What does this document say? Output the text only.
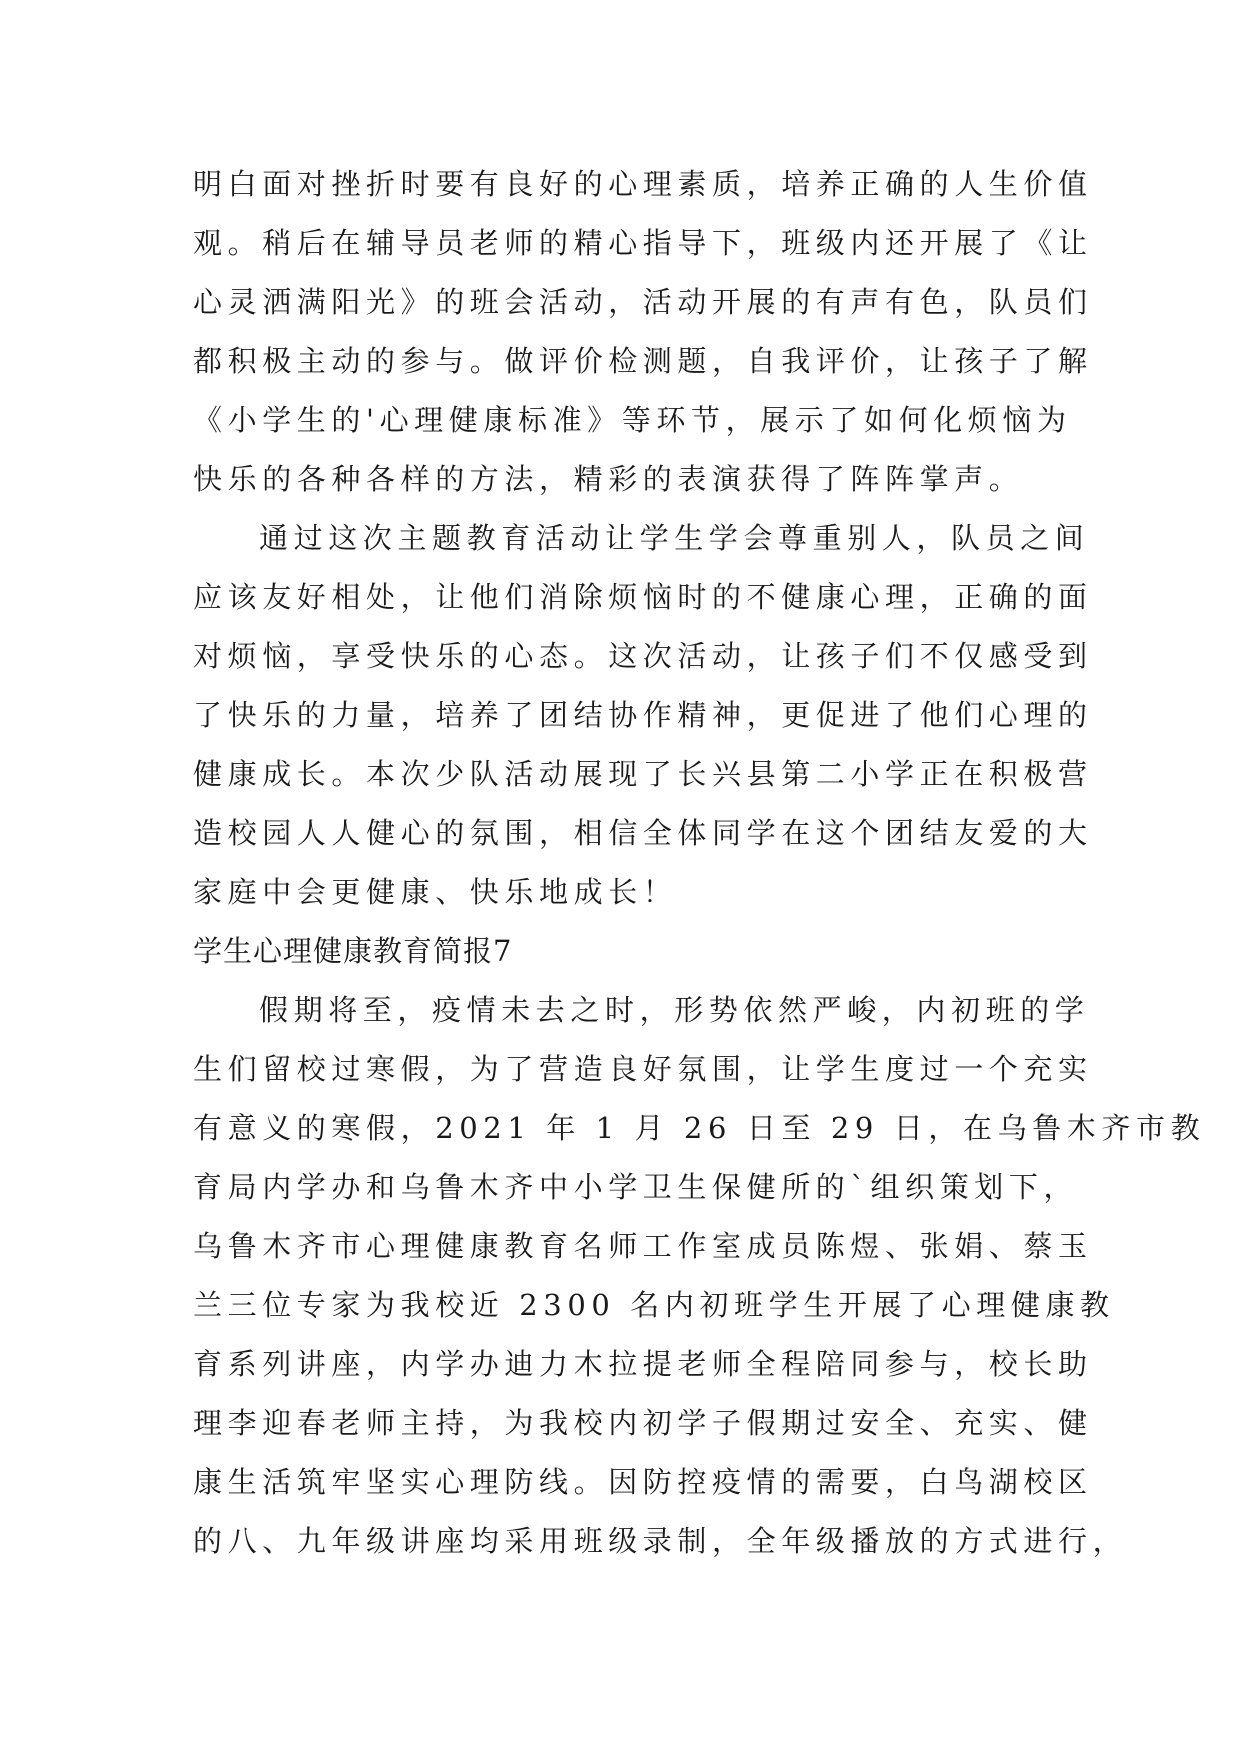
明白面对挫折时要有良好的心理素质，培养正确的人生价值
观。稍后在辅导员老师的精心指导下，班级内还开展了《让
心灵洒满阳光》的班会活动，活动开展的有声有色，队员们
都积极主动的参与。做评价检测题，自我评价，让孩子了解
《小学生的'心理健康标准》等环节，展示了如何化烦恼为
快乐的各种各样的方法，精彩的表演获得了阵阵掌声。
通过这次主题教育活动让学生学会尊重别人，队员之间
应该友好相处，让他们消除烦恼时的不健康心理，正确的面
对烦恼，享受快乐的心态。这次活动，让孩子们不仅感受到
了快乐的力量，培养了团结协作精神，更促进了他们心理的
健康成长。本次少队活动展现了长兴县第二小学正在积极营
造校园人人健心的氛围，相信全体同学在这个团结友爱的大
家庭中会更健康、快乐地成长！
学生心理健康教育简报7
假期将至，疫情未去之时，形势依然严峻，内初班的学
生们留校过寒假，为了营造良好氛围，让学生度过一个充实
有意义的寒假，2021 年 1 月 26 日至 29 日，在乌鲁木齐市教
育局内学办和乌鲁木齐中小学卫生保健所的`组织策划下，
乌鲁木齐市心理健康教育名师工作室成员陈煜、张娟、蔡玉
兰三位专家为我校近 2300 名内初班学生开展了心理健康教
育系列讲座，内学办迪力木拉提老师全程陪同参与，校长助
理李迎春老师主持，为我校内初学子假期过安全、充实、健
康生活筑牢坚实心理防线。因防控疫情的需要，白鸟湖校区
的八、九年级讲座均采用班级录制，全年级播放的方式进行，
